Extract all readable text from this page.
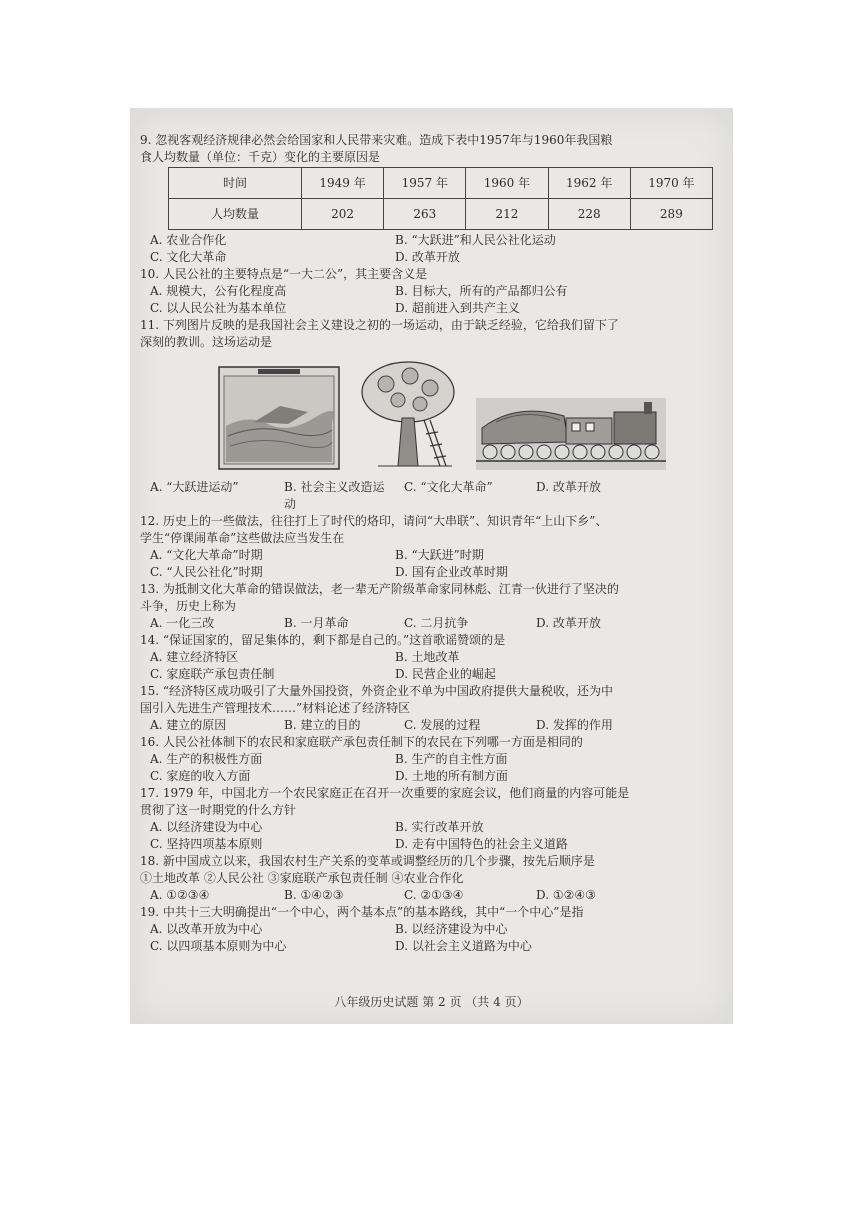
9. 忽视客观经济规律必然会给国家和人民带来灾难。造成下表中1957年与1960年我国粮

食人均数量（单位：千克）变化的主要原因是

时间	1949 年	1957 年	1960 年	1962 年	1970 年
人均数量	202	263	212	228	289
A. 农业合作化	B. “大跃进”和人民公社化运动
C. 文化大革命	D. 改革开放

10. 人民公社的主要特点是“一大二公”，其主要含义是

A. 规模大，公有化程度高	B. 目标大，所有的产品都归公有
C. 以人民公社为基本单位	D. 超前进入到共产主义

11. 下列图片反映的是我国社会主义建设之初的一场运动，由于缺乏经验，它给我们留下了

深刻的教训。这场运动是

A. “大跃进运动”	B. 社会主义改造运动
C. “文化大革命”	D. 改革开放

12. 历史上的一些做法，往往打上了时代的烙印，请问“大串联”、知识青年“上山下乡”、

学生“停课闹革命”这些做法应当发生在

A. “文化大革命”时期	B. “大跃进”时期
C. “人民公社化”时期	D. 国有企业改革时期

13. 为抵制文化大革命的错误做法，老一辈无产阶级革命家同林彪、江青一伙进行了坚决的

斗争，历史上称为

A. 一化三改	B. 一月革命	C. 二月抗争	D. 改革开放

14. “保证国家的，留足集体的，剩下都是自己的。”这首歌谣赞颂的是

A. 建立经济特区	B. 土地改革
C. 家庭联产承包责任制	D. 民营企业的崛起

15. “经济特区成功吸引了大量外国投资，外资企业不单为中国政府提供大量税收，还为中

国引入先进生产管理技术……”材料论述了经济特区

A. 建立的原因	B. 建立的目的	C. 发展的过程	D. 发挥的作用

16. 人民公社体制下的农民和家庭联产承包责任制下的农民在下列哪一方面是相同的

A. 生产的积极性方面	B. 生产的自主性方面
C. 家庭的收入方面	D. 土地的所有制方面

17. 1979 年，中国北方一个农民家庭正在召开一次重要的家庭会议，他们商量的内容可能是

贯彻了这一时期党的什么方针

A. 以经济建设为中心	B. 实行改革开放
C. 坚持四项基本原则	D. 走有中国特色的社会主义道路

18. 新中国成立以来，我国农村生产关系的变革或调整经历的几个步骤，按先后顺序是

①土地改革 ②人民公社 ③家庭联产承包责任制 ④农业合作化

A. ①②③④	B. ①④②③	C. ②①③④	D. ①②④③

19. 中共十三大明确提出“一个中心，两个基本点”的基本路线，其中“一个中心”是指

A. 以改革开放为中心	B. 以经济建设为中心
C. 以四项基本原则为中心	D. 以社会主义道路为中心
八年级历史试题 第 2 页 （共 4 页）
